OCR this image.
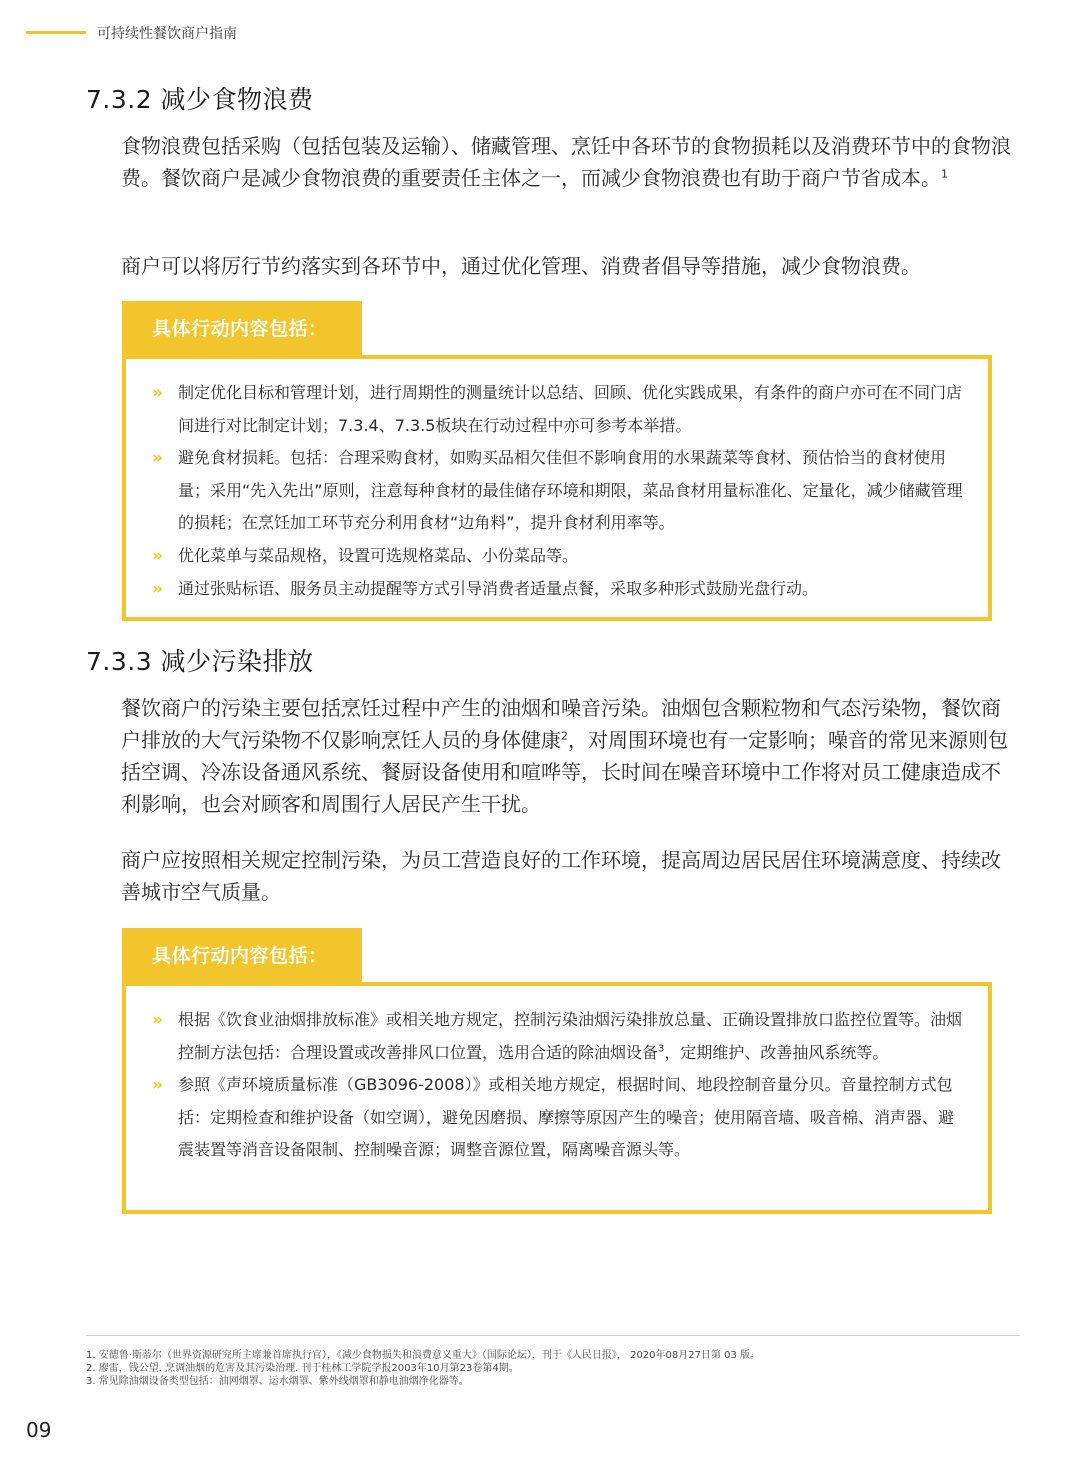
可持续性餐饮商户指南
7.3.2 减少食物浪费

食物浪费包括采购（包括包装及运输）、储藏管理、烹饪中各环节的食物损耗以及消费环节中的食物浪费。餐饮商户是减少食物浪费的重要责任主体之一，而减少食物浪费也有助于商户节省成本。$^1$

商户可以将厉行节约落实到各环节中，通过优化管理、消费者倡导等措施，减少食物浪费。

具体行动内容包括：
» 制定优化目标和管理计划，进行周期性的测量统计以总结、回顾、优化实践成果，有条件的商户亦可在不同门店间进行对比制定计划；7.3.4、7.3.5板块在行动过程中亦可参考本举措。
» 避免食材损耗。包括：合理采购食材，如购买品相欠佳但不影响食用的水果蔬菜等食材、预估恰当的食材使用量；采用“先入先出”原则，注意每种食材的最佳储存环境和期限，菜品食材用量标准化、定量化，减少储藏管理的损耗；在烹饪加工环节充分利用食材“边角料”，提升食材利用率等。
» 优化菜单与菜品规格，设置可选规格菜品、小份菜品等。
» 通过张贴标语、服务员主动提醒等方式引导消费者适量点餐，采取多种形式鼓励光盘行动。
7.3.3 减少污染排放

餐饮商户的污染主要包括烹饪过程中产生的油烟和噪音污染。油烟包含颗粒物和气态污染物，餐饮商户排放的大气污染物不仅影响烹饪人员的身体健康$^2$，对周围环境也有一定影响；噪音的常见来源则包括空调、冷冻设备通风系统、餐厨设备使用和喧哗等，长时间在噪音环境中工作将对员工健康造成不利影响，也会对顾客和周围行人居民产生干扰。

商户应按照相关规定控制污染，为员工营造良好的工作环境，提高周边居民居住环境满意度、持续改善城市空气质量。

具体行动内容包括：
» 根据《饮食业油烟排放标准》或相关地方规定，控制污染油烟污染排放总量、正确设置排放口监控位置等。油烟控制方法包括：合理设置或改善排风口位置，选用合适的除油烟设备$^3$，定期维护、改善抽风系统等。
» 参照《声环境质量标准（GB3096-2008）》或相关地方规定，根据时间、地段控制音量分贝。音量控制方式包括：定期检查和维护设备（如空调），避免因磨损、摩擦等原因产生的噪音；使用隔音墙、吸音棉、消声器、避震装置等消音设备限制、控制噪音源；调整音源位置，隔离噪音源头等。
1. 安德鲁·斯蒂尔（世界资源研究所主席兼首席执行官），《减少食物损失和浪费意义重大》（国际论坛），刊于《人民日报》， 2020年08月27日第 03 版。
2. 廖雷，钱公望. 烹调油烟的危害及其污染治理. 刊于桂林工学院学报2003年10月第23卷第4期。
3. 常见除油烟设备类型包括：油网烟罩、运水烟罩、紫外线烟罩和静电油烟净化器等。
09
